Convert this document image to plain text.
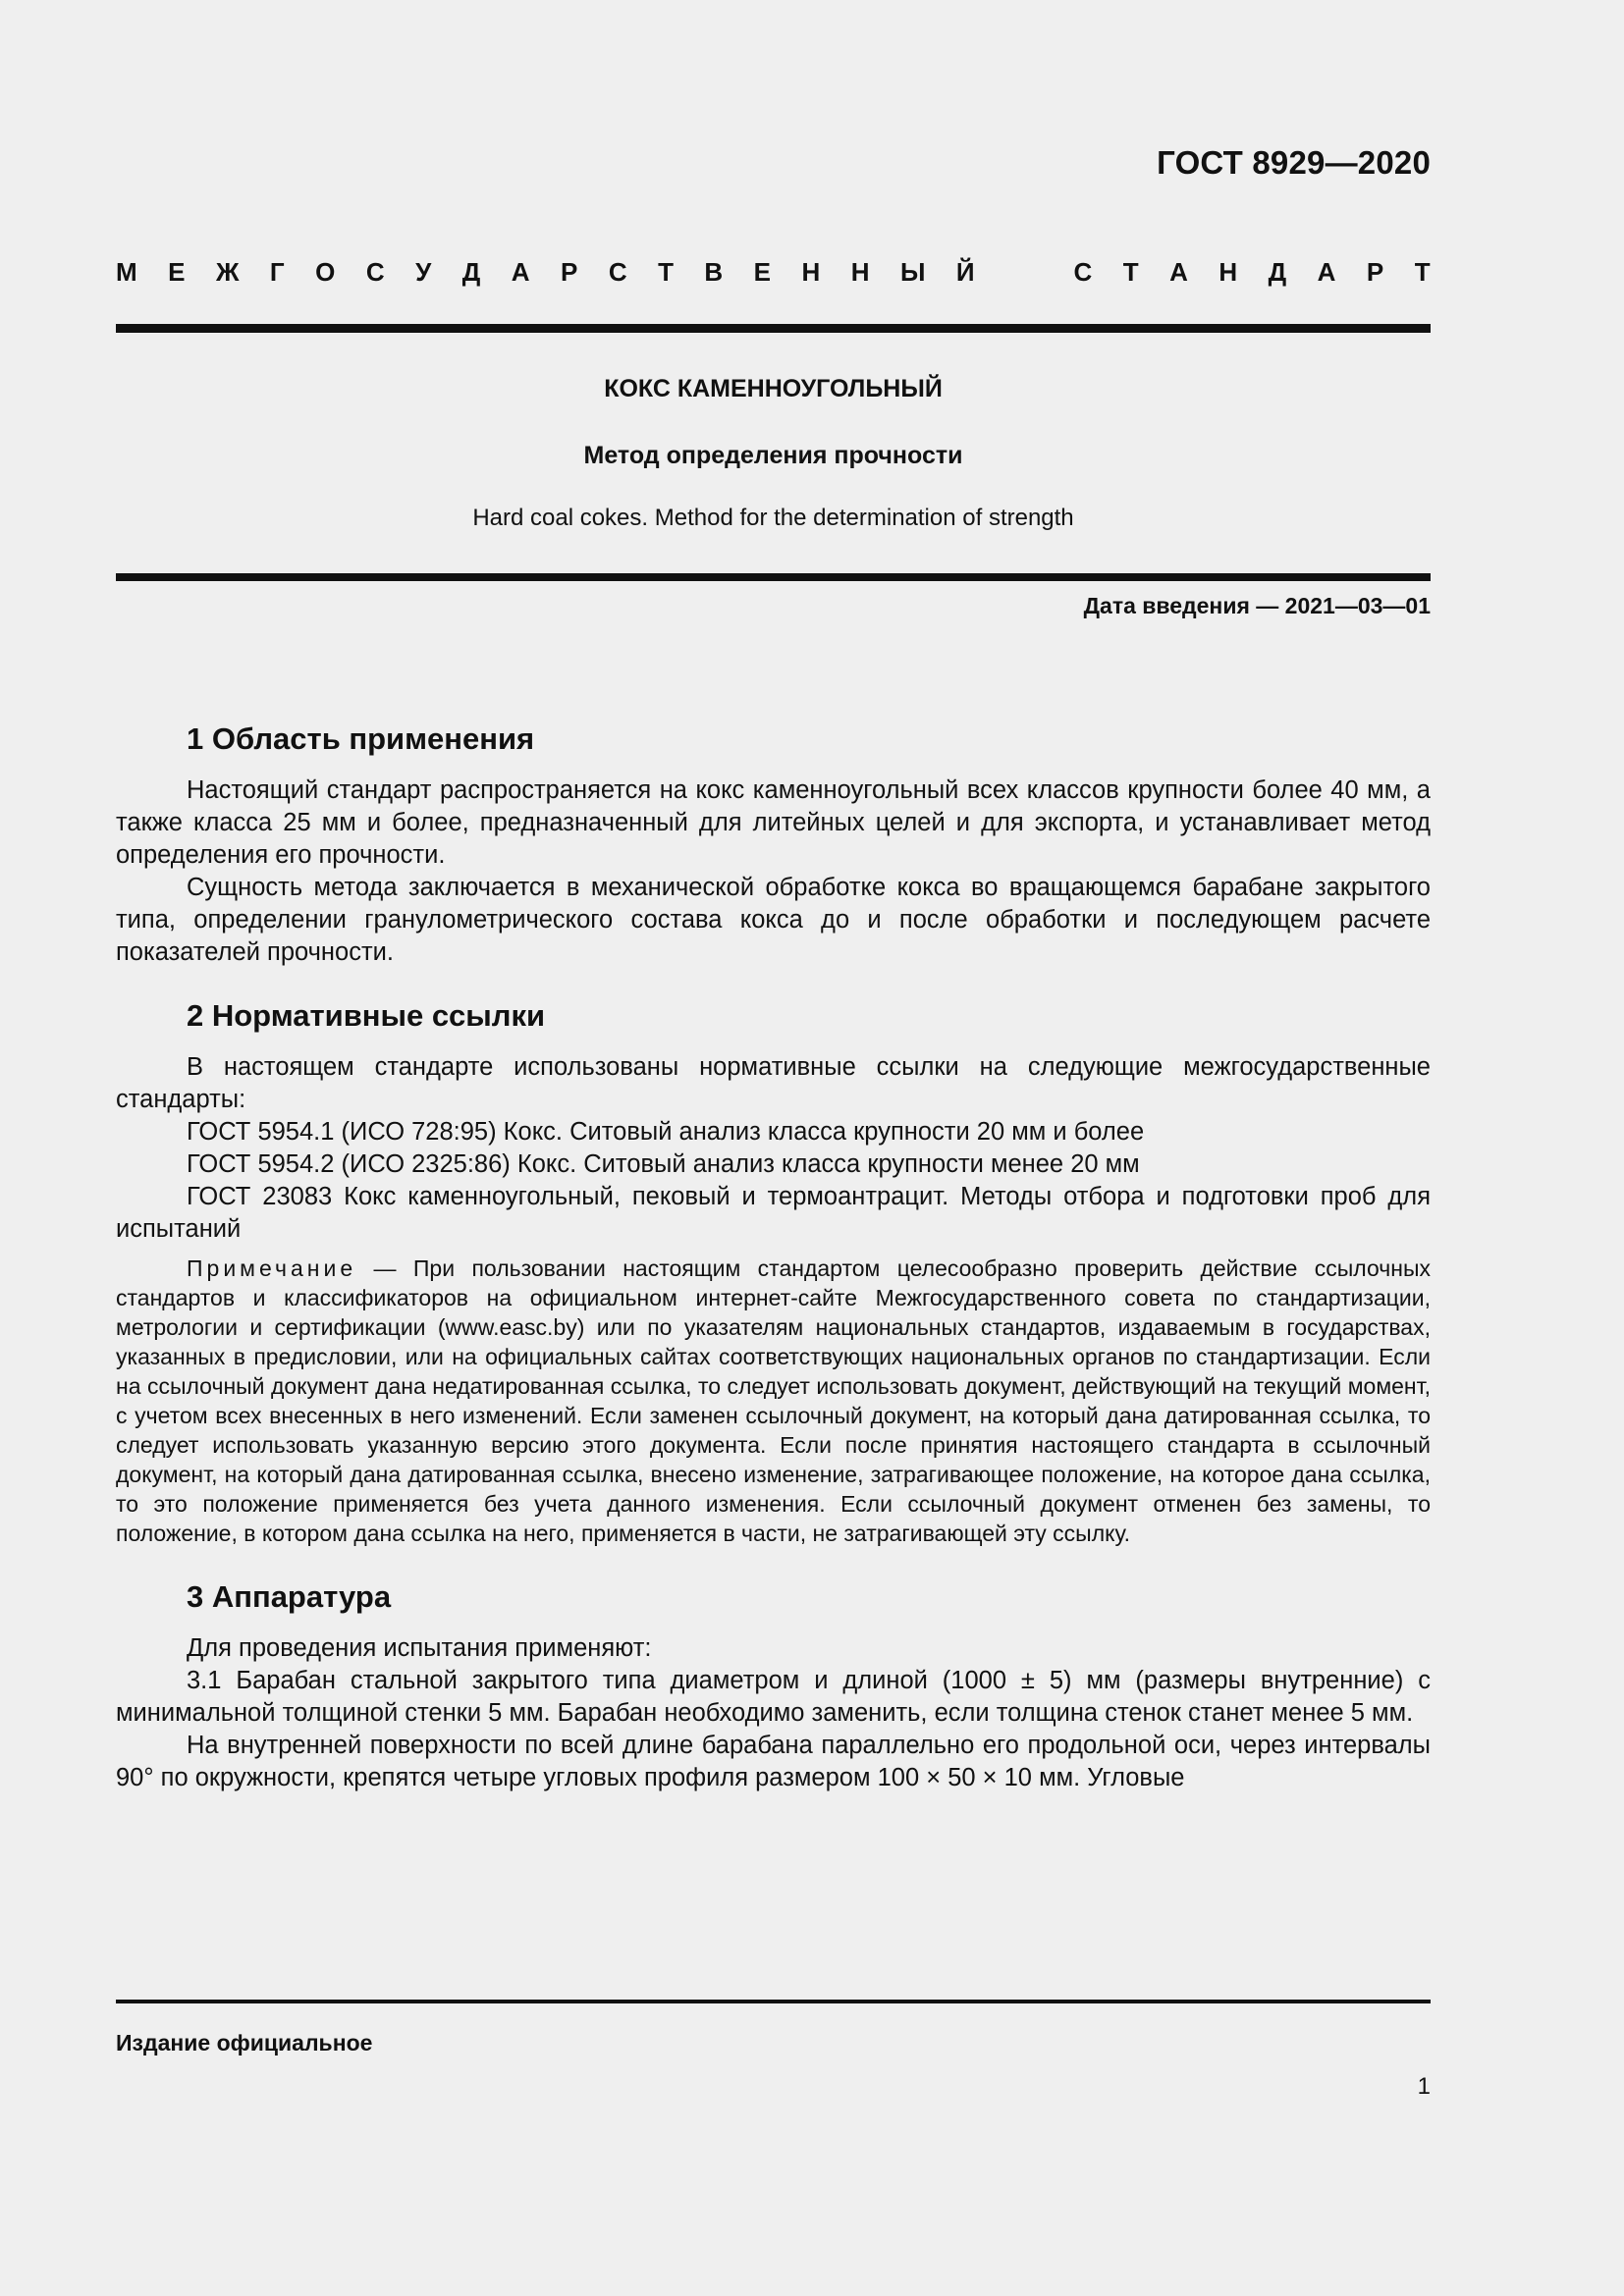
ГОСТ 8929—2020
М Е Ж Г О С У Д А Р С Т В Е Н Н Ы Й	С Т А Н Д А Р Т
КОКС КАМЕННОУГОЛЬНЫЙ
Метод определения прочности
Hard coal cokes. Method for the determination of strength
Дата введения — 2021—03—01
1 Область применения

Настоящий стандарт распространяется на кокс каменноугольный всех классов крупности более 40 мм, а также класса 25 мм и более, предназначенный для литейных целей и для экспорта, и устанавливает метод определения его прочности.

Сущность метода заключается в механической обработке кокса во вращающемся барабане закрытого типа, определении гранулометрического состава кокса до и после обработки и последующем расчете показателей прочности.

2 Нормативные ссылки

В настоящем стандарте использованы нормативные ссылки на следующие межгосударственные стандарты:

ГОСТ 5954.1 (ИСО 728:95) Кокс. Ситовый анализ класса крупности 20 мм и более

ГОСТ 5954.2 (ИСО 2325:86) Кокс. Ситовый анализ класса крупности менее 20 мм

ГОСТ 23083 Кокс каменноугольный, пековый и термоантрацит. Методы отбора и подготовки проб для испытаний

Примечание — При пользовании настоящим стандартом целесообразно проверить действие ссылочных стандартов и классификаторов на официальном интернет-сайте Межгосударственного совета по стандартизации, метрологии и сертификации (www.easc.by) или по указателям национальных стандартов, издаваемым в государствах, указанных в предисловии, или на официальных сайтах соответствующих национальных органов по стандартизации. Если на ссылочный документ дана недатированная ссылка, то следует использовать документ, действующий на текущий момент, с учетом всех внесенных в него изменений. Если заменен ссылочный документ, на который дана датированная ссылка, то следует использовать указанную версию этого документа. Если после принятия настоящего стандарта в ссылочный документ, на который дана датированная ссылка, внесено изменение, затрагивающее положение, на которое дана ссылка, то это положение применяется без учета данного изменения. Если ссылочный документ отменен без замены, то положение, в котором дана ссылка на него, применяется в части, не затрагивающей эту ссылку.

3 Аппаратура

Для проведения испытания применяют:

3.1 Барабан стальной закрытого типа диаметром и длиной (1000 ± 5) мм (размеры внутренние) с минимальной толщиной стенки 5 мм. Барабан необходимо заменить, если толщина стенок станет менее 5 мм.

На внутренней поверхности по всей длине барабана параллельно его продольной оси, через интервалы 90° по окружности, крепятся четыре угловых профиля размером 100 × 50 × 10 мм. Угловые

Издание официальное
1
